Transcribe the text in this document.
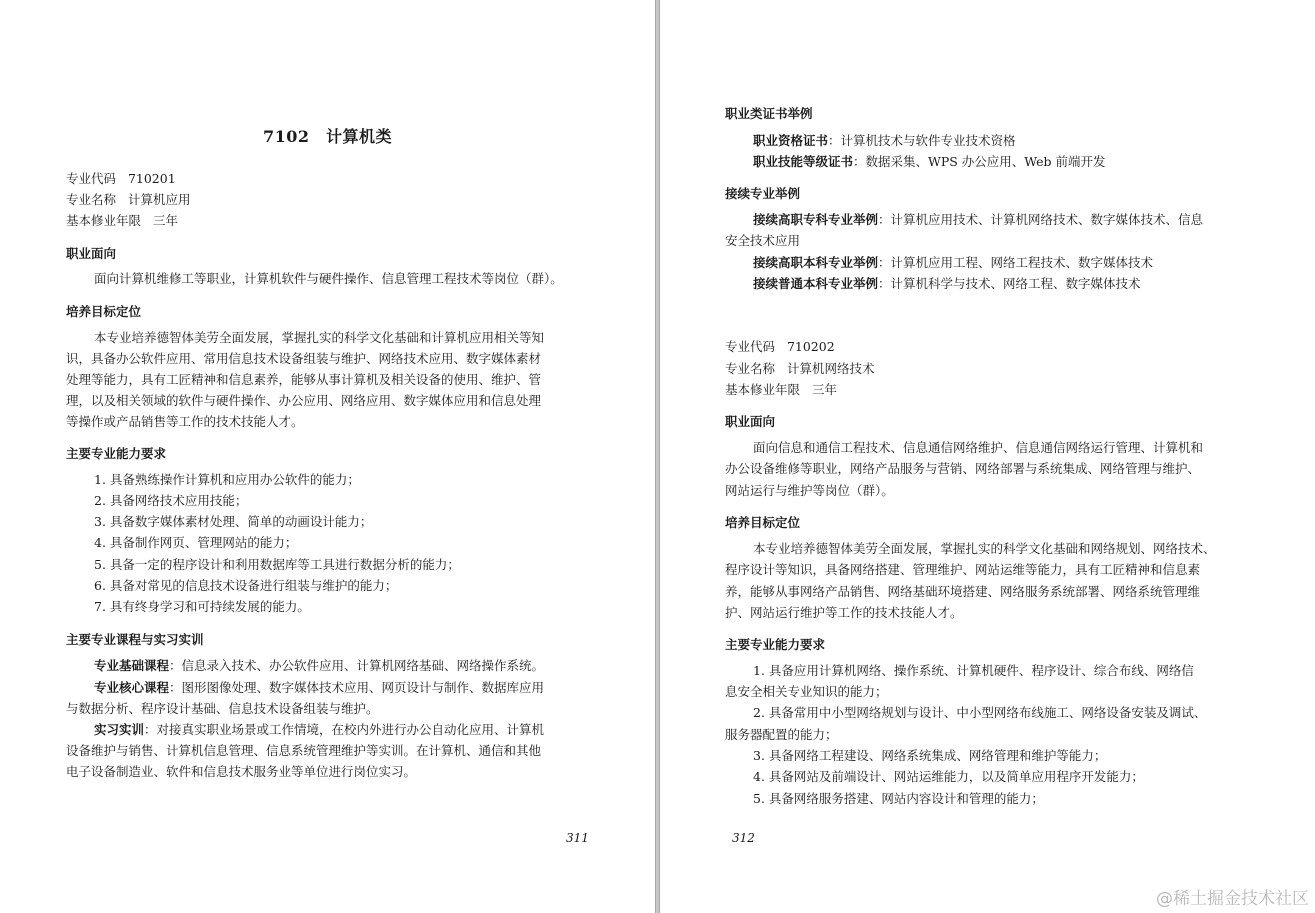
7102　计算机类
专业代码 710201
专业名称 计算机应用
基本修业年限 三年
职业面向
面向计算机维修工等职业，计算机软件与硬件操作、信息管理工程技术等岗位（群）。
培养目标定位
本专业培养德智体美劳全面发展，掌握扎实的科学文化基础和计算机应用相关等知
识，具备办公软件应用、常用信息技术设备组装与维护、网络技术应用、数字媒体素材
处理等能力，具有工匠精神和信息素养，能够从事计算机及相关设备的使用、维护、管
理，以及相关领域的软件与硬件操作、办公应用、网络应用、数字媒体应用和信息处理
等操作或产品销售等工作的技术技能人才。
主要专业能力要求
1. 具备熟练操作计算机和应用办公软件的能力；
2. 具备网络技术应用技能；
3. 具备数字媒体素材处理、简单的动画设计能力；
4. 具备制作网页、管理网站的能力；
5. 具备一定的程序设计和利用数据库等工具进行数据分析的能力；
6. 具备对常见的信息技术设备进行组装与维护的能力；
7. 具有终身学习和可持续发展的能力。
主要专业课程与实习实训
专业基础课程：信息录入技术、办公软件应用、计算机网络基础、网络操作系统。
专业核心课程：图形图像处理、数字媒体技术应用、网页设计与制作、数据库应用
与数据分析、程序设计基础、信息技术设备组装与维护。
实习实训：对接真实职业场景或工作情境，在校内外进行办公自动化应用、计算机
设备维护与销售、计算机信息管理、信息系统管理维护等实训。在计算机、通信和其他
电子设备制造业、软件和信息技术服务业等单位进行岗位实习。
311
职业类证书举例
职业资格证书：计算机技术与软件专业技术资格
职业技能等级证书：数据采集、WPS 办公应用、Web 前端开发
接续专业举例
接续高职专科专业举例：计算机应用技术、计算机网络技术、数字媒体技术、信息
安全技术应用
接续高职本科专业举例：计算机应用工程、网络工程技术、数字媒体技术
接续普通本科专业举例：计算机科学与技术、网络工程、数字媒体技术
专业代码 710202
专业名称 计算机网络技术
基本修业年限 三年
职业面向
面向信息和通信工程技术、信息通信网络维护、信息通信网络运行管理、计算机和
办公设备维修等职业，网络产品服务与营销、网络部署与系统集成、网络管理与维护、
网站运行与维护等岗位（群）。
培养目标定位
本专业培养德智体美劳全面发展，掌握扎实的科学文化基础和网络规划、网络技术、
程序设计等知识，具备网络搭建、管理维护、网站运维等能力，具有工匠精神和信息素
养，能够从事网络产品销售、网络基础环境搭建、网络服务系统部署、网络系统管理维
护、网站运行维护等工作的技术技能人才。
主要专业能力要求
1. 具备应用计算机网络、操作系统、计算机硬件、程序设计、综合布线、网络信
息安全相关专业知识的能力；
2. 具备常用中小型网络规划与设计、中小型网络布线施工、网络设备安装及调试、
服务器配置的能力；
3. 具备网络工程建设、网络系统集成、网络管理和维护等能力；
4. 具备网站及前端设计、网站运维能力，以及简单应用程序开发能力；
5. 具备网络服务搭建、网站内容设计和管理的能力；
312
@稀土掘金技术社区
